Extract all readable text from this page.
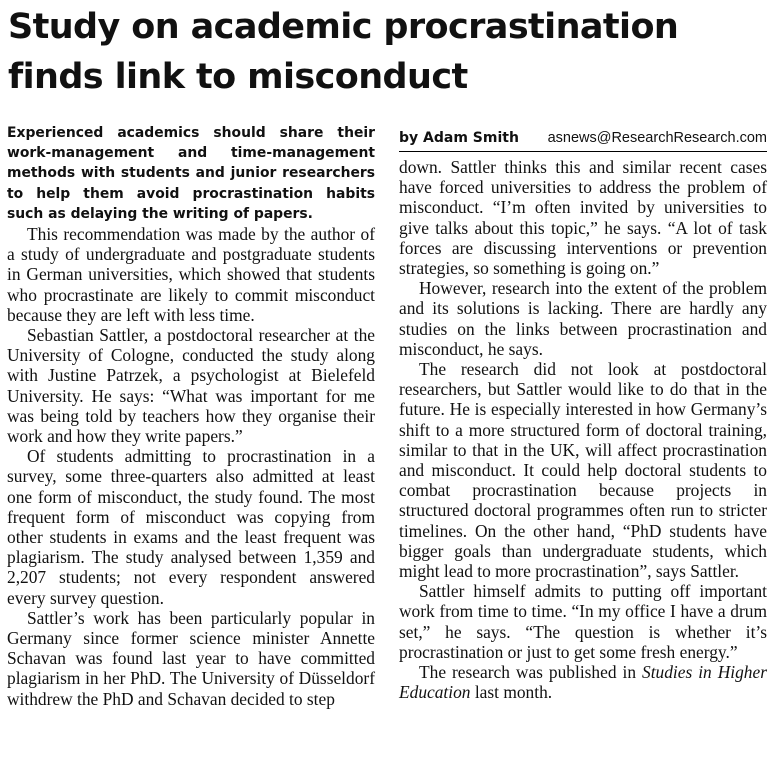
Study on academic procrastination finds link to misconduct

Experienced academics should share their work-management and time-management methods with students and junior researchers to help them avoid procrastination habits such as delaying the writing of papers.

This recommendation was made by the author of a study of undergraduate and postgraduate students in German universities, which showed that students who procrastinate are likely to commit misconduct because they are left with less time.

Sebastian Sattler, a postdoctoral researcher at the University of Cologne, conducted the study along with Justine Patrzek, a psychologist at Bielefeld University. He says: “What was important for me was being told by teachers how they organise their work and how they write papers.”

Of students admitting to procrastination in a survey, some three-quarters also admitted at least one form of misconduct, the study found. The most frequent form of misconduct was copying from other students in exams and the least frequent was plagiarism. The study analysed between 1,359 and 2,207 students; not every respondent answered every survey question.

Sattler’s work has been particularly popular in Germany since former science minister Annette Schavan was found last year to have committed plagiarism in her PhD. The University of Düsseldorf withdrew the PhD and Schavan decided to step

by Adam Smith asnews@ResearchResearch.com

down. Sattler thinks this and similar recent cases have forced universities to address the problem of misconduct. “I’m often invited by universities to give talks about this topic,” he says. “A lot of task forces are discussing interventions or prevention strategies, so something is going on.”

However, research into the extent of the problem and its solutions is lacking. There are hardly any studies on the links between procrastination and misconduct, he says.

The research did not look at postdoctoral researchers, but Sattler would like to do that in the future. He is especially interested in how Germany’s shift to a more structured form of doctoral training, similar to that in the UK, will affect procrastination and misconduct. It could help doctoral students to combat procrastination because projects in structured doctoral programmes often run to stricter timelines. On the other hand, “PhD students have bigger goals than undergraduate students, which might lead to more procrastination”, says Sattler.

Sattler himself admits to putting off important work from time to time. “In my office I have a drum set,” he says. “The question is whether it’s procrastination or just to get some fresh energy.”

The research was published in Studies in Higher Education last month.
